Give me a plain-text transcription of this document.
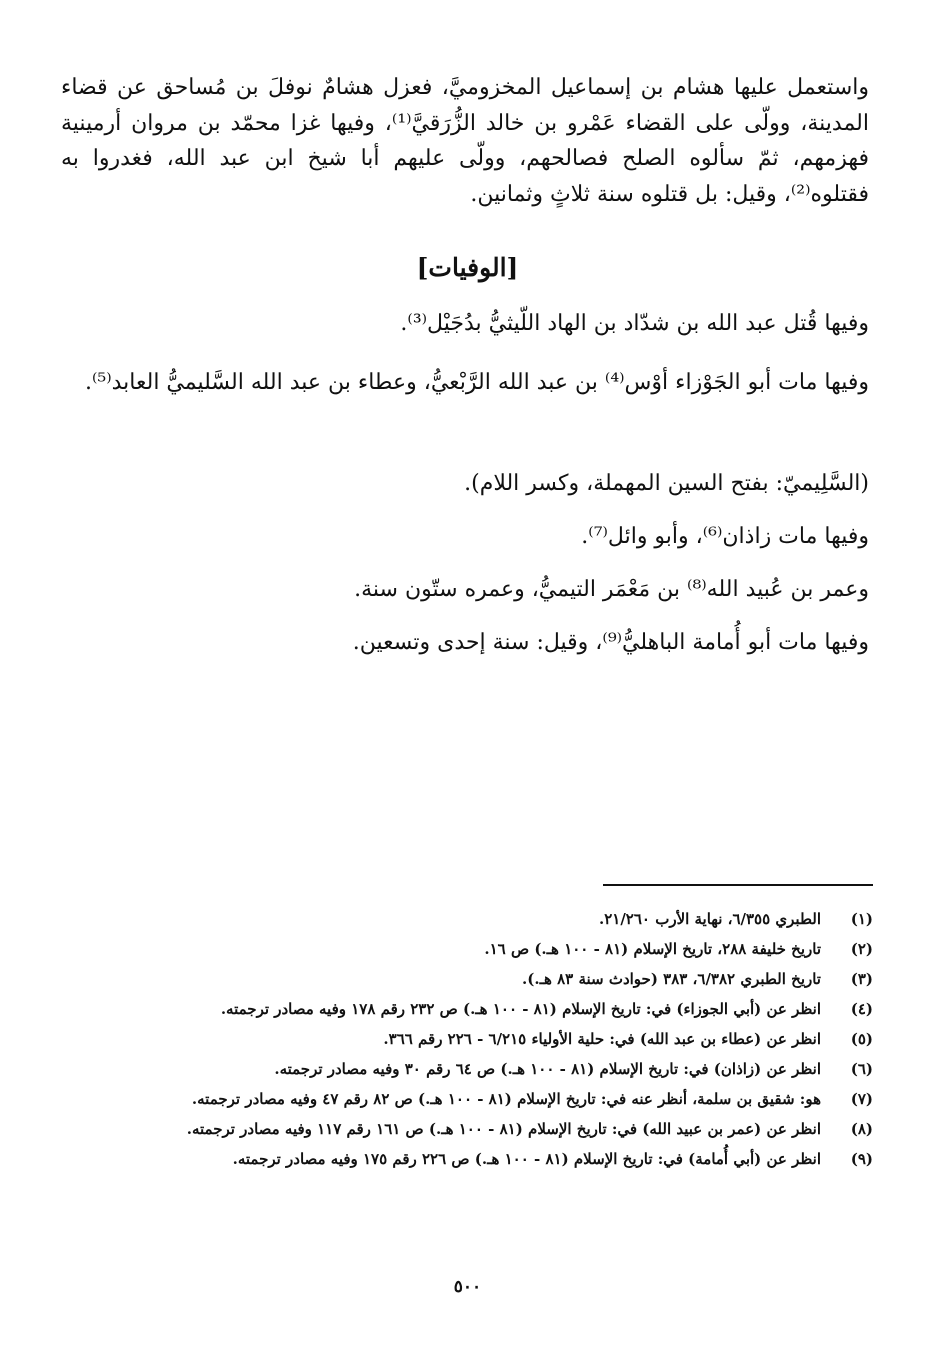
واستعمل عليها هشام بن إسماعيل المخزوميَّ، فعزل هشامٌ نوفلَ بن مُساحق عن قضاء المدينة، وولّى على القضاء عَمْرو بن خالد الزُّرَقيَّ⁽¹⁾، وفيها غزا محمّد بن مروان أرمينية فهزمهم، ثمّ سألوه الصلح فصالحهم، وولّى عليهم أبا شيخ ابن عبد الله، فغدروا به فقتلوه⁽²⁾، وقيل: بل قتلوه سنة ثلاثٍ وثمانين.

[الوفيات]

وفيها قُتل عبد الله بن شدّاد بن الهاد اللّيثيُّ بدُجَيْل⁽³⁾.

وفيها مات أبو الجَوْزاء أوْس⁽⁴⁾ بن عبد الله الرَّبْعيُّ، وعطاء بن عبد الله السَّليميُّ العابد⁽⁵⁾.

(السَّلِيميّ: بفتح السين المهملة، وكسر اللام).

وفيها مات زاذان⁽⁶⁾، وأبو وائل⁽⁷⁾.

وعمر بن عُبيد الله⁽⁸⁾ بن مَعْمَر التيميُّ، وعمره ستّون سنة.

وفيها مات أبو أُمامة الباهليُّ⁽⁹⁾، وقيل: سنة إحدى وتسعين.

(١)
الطبري ٦/٣٥٥، نهاية الأرب ٢١/٢٦٠.
(٢)
تاريخ خليفة ٢٨٨، تاريخ الإسلام (٨١ - ١٠٠ هـ.) ص ١٦.
(٣)
تاريخ الطبري ٦/٣٨٢، ٣٨٣ (حوادث سنة ٨٣ هـ.).
(٤)
انظر عن (أبي الجوزاء) في: تاريخ الإسلام (٨١ - ١٠٠ هـ.) ص ٢٣٢ رقم ١٧٨ وفيه مصادر ترجمته.
(٥)
انظر عن (عطاء بن عبد الله) في: حلية الأولياء ٦/٢١٥ - ٢٢٦ رقم ٣٦٦.
(٦)
انظر عن (زاذان) في: تاريخ الإسلام (٨١ - ١٠٠ هـ.) ص ٦٤ رقم ٣٠ وفيه مصادر ترجمته.
(٧)
هو: شقيق بن سلمة، أنظر عنه في: تاريخ الإسلام (٨١ - ١٠٠ هـ.) ص ٨٢ رقم ٤٧ وفيه مصادر ترجمته.
(٨)
انظر عن (عمر بن عبيد الله) في: تاريخ الإسلام (٨١ - ١٠٠ هـ.) ص ١٦١ رقم ١١٧ وفيه مصادر ترجمته.
(٩)
انظر عن (أبي أُمامة) في: تاريخ الإسلام (٨١ - ١٠٠ هـ.) ص ٢٢٦ رقم ١٧٥ وفيه مصادر ترجمته.
٥٠٠
